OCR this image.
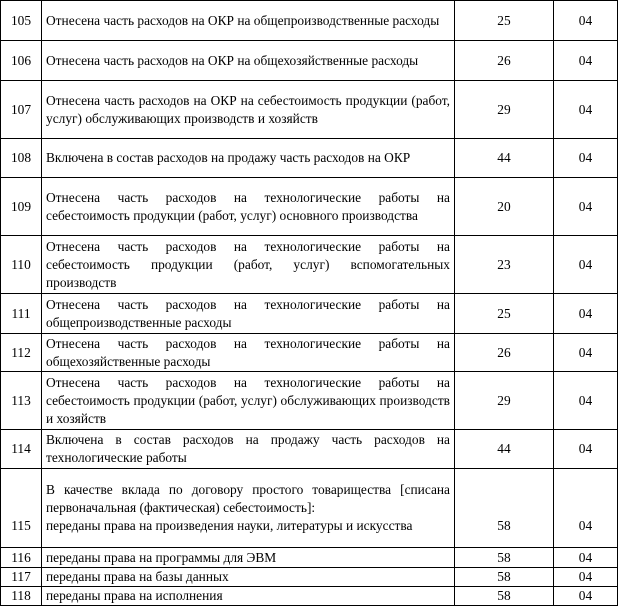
105	Отнесена часть расходов на ОКР на общепроизводственные расходы	25	04
106	Отнесена часть расходов на ОКР на общехозяйственные расходы	26	04
107	Отнесена часть расходов на ОКР на себестоимость продукции (работ, услуг) обслуживающих производств и хозяйств	29	04
108	Включена в состав расходов на продажу часть расходов на ОКР	44	04
109	Отнесена часть расходов на технологические работы на себестоимость продукции (работ, услуг) основного производства	20	04
110	Отнесена часть расходов на технологические работы на себестоимость продукции (работ, услуг) вспомогательных производств	23	04
111	Отнесена часть расходов на технологические работы на общепроизводственные расходы	25	04
112	Отнесена часть расходов на технологические работы на общехозяйственные расходы	26	04
113	Отнесена часть расходов на технологические работы на себестоимость продукции (работ, услуг) обслуживающих производств и хозяйств	29	04
114	Включена в состав расходов на продажу часть расходов на технологические работы	44	04

115	В качестве вклада по договору простого товарищества [списана первоначальная (фактическая) себестоимость]:
переданы права на произведения науки, литературы и искусства	58	04
116	переданы права на программы для ЭВМ	58	04
117	переданы права на базы данных	58	04
118	переданы права на исполнения	58	04
